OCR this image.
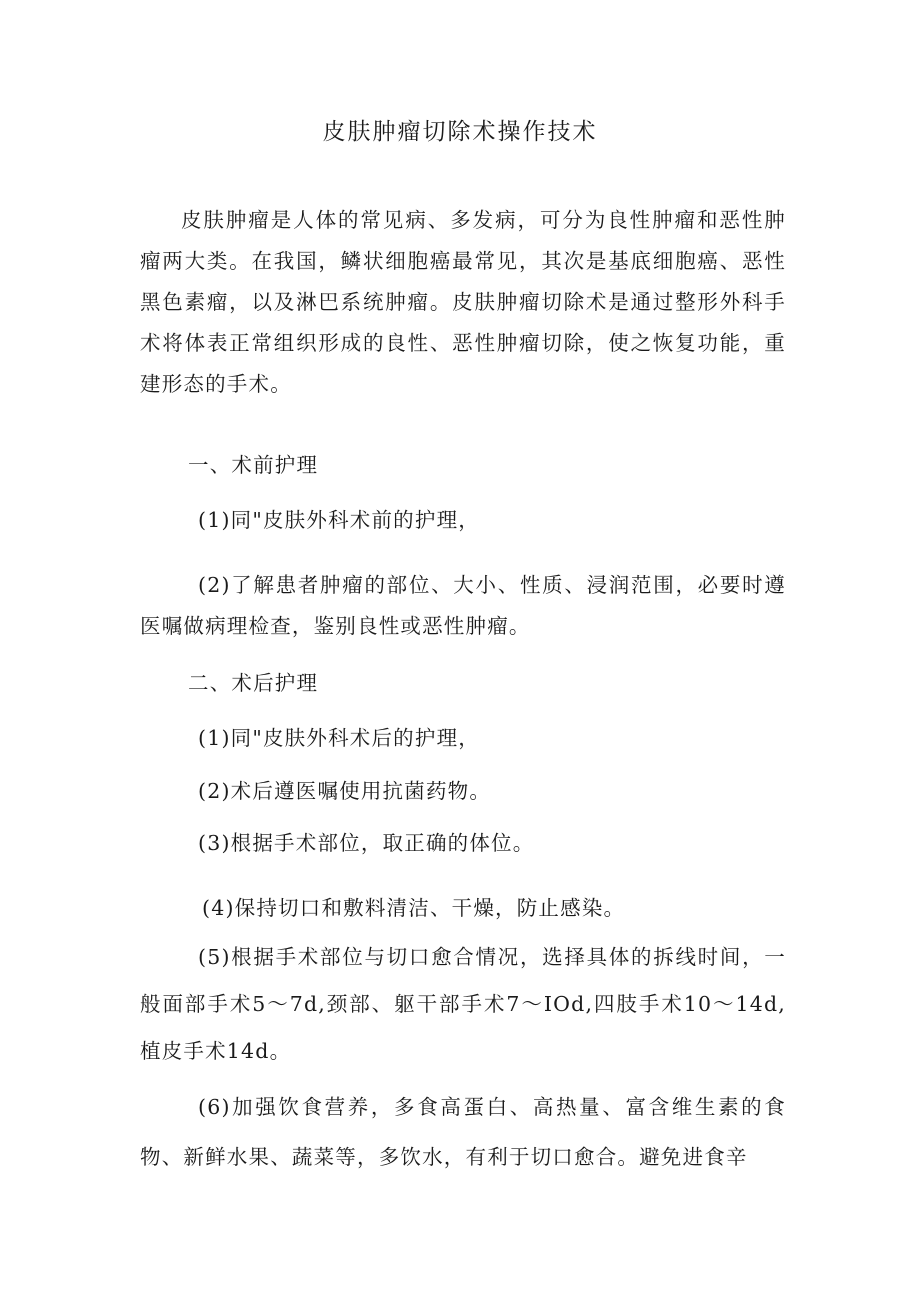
皮肤肿瘤切除术操作技术
皮肤肿瘤是人体的常见病、多发病，可分为良性肿瘤和恶性肿瘤两大类。在我国，鳞状细胞癌最常见，其次是基底细胞癌、恶性黑色素瘤，以及淋巴系统肿瘤。皮肤肿瘤切除术是通过整形外科手术将体表正常组织形成的良性、恶性肿瘤切除，使之恢复功能，重建形态的手术。
一、术前护理
(1)同"皮肤外科术前的护理，
(2)了解患者肿瘤的部位、大小、性质、浸润范围，必要时遵医嘱做病理检查，鉴别良性或恶性肿瘤。
二、术后护理
(1)同"皮肤外科术后的护理，
(2)术后遵医嘱使用抗菌药物。
(3)根据手术部位，取正确的体位。
(4)保持切口和敷料清洁、干燥，防止感染。
(5)根据手术部位与切口愈合情况，选择具体的拆线时间，一般面部手术5～7d,颈部、躯干部手术7～IOd,四肢手术10～14d,植皮手术14d。
(6)加强饮食营养，多食高蛋白、高热量、富含维生素的食物、新鲜水果、蔬菜等，多饮水，有利于切口愈合。避免进食辛
